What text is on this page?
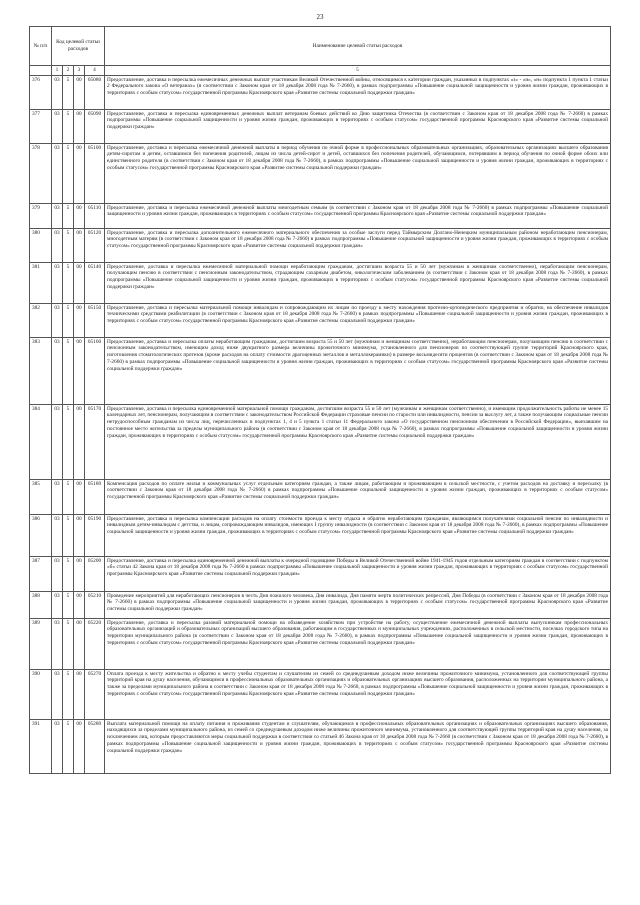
23
№ п/п	Код целевой статьи расходов				Наименование целевой статьи расходов
	1	2	3	4	5
376	03	5	00	05080	Предоставление, доставка и пересылка ежемесячных денежных выплат участникам Великой Отечественной войны, относящимся к категории граждан, указанных в подпунктах «з» - «и», «н» подпункта 1 пункта 1 статьи 2 Федерального закона «О ветеранах» (в соответствии с Законом края от 18 декабря 2008 года № 7-2660), в рамках подпрограммы «Повышение социальной защищенности и уровня жизни граждан, проживающих в территориях с особым статусом» государственной программы Красноярского края «Развитие системы социальной поддержки граждан»
377	03	5	00	05090	Предоставление, доставка и пересылка единовременных денежных выплат ветеранам боевых действий ко Дню защитника Отечества (в соответствии с Законом края от 18 декабря 2008 года № 7-2660) в рамках подпрограммы «Повышение социальной защищенности и уровня жизни граждан, проживающих в территориях с особым статусом» государственной программы Красноярского края «Развитие системы социальной поддержки граждан»
378	03	5	00	05100	Предоставление, доставка и пересылка ежемесячной денежной выплаты в период обучения по очной форме в профессиональных образовательных организациях, образовательных организациях высшего образования детям-сиротам и детям, оставшимся без попечения родителей, лицам из числа детей-сирот и детей, оставшихся без попечения родителей, обучающимся, потерявшим в период обучения по очной форме обоих или единственного родителя (в соответствии с Законом края от 18 декабря 2008 года № 7-2660), в рамках подпрограммы «Повышение социальной защищенности и уровня жизни граждан, проживающих в территориях с особым статусом» государственной программы Красноярского края «Развитие системы социальной поддержки граждан»
379	03	5	00	05110	Предоставление, доставка и пересылка ежемесячной денежной выплаты многодетным семьям (в соответствии с Законом края от 18 декабря 2008 года № 7-2660) в рамках подпрограммы «Повышение социальной защищенности и уровня жизни граждан, проживающих в территориях с особым статусом» государственной программы Красноярского края «Развитие системы социальной поддержки граждан»
380	03	5	00	05120	Предоставление, доставка и пересылка дополнительного ежемесячного материального обеспечения за особые заслуги перед Таймырским Долгано-Ненецким муниципальным районом неработающим пенсионерам, многодетным матерям (в соответствии с Законом края от 18 декабря 2008 года № 7-2660) в рамках подпрограммы «Повышение социальной защищенности и уровня жизни граждан, проживающих в территориях с особым статусом» государственной программы Красноярского края «Развитие системы социальной поддержки граждан»
381	03	5	00	05140	Предоставление, доставка и пересылка ежемесячной материальной помощи неработающим гражданам, достигшим возраста 55 и 50 лет (мужчинам и женщинам соответственно), неработающим пенсионерам, получающим пенсию в соответствии с пенсионным законодательством, страдающим сахарным диабетом, онкологическим заболеванием (в соответствии с Законом края от 18 декабря 2008 года № 7-2660), в рамках подпрограммы «Повышение социальной защищенности и уровня жизни граждан, проживающих в территориях с особым статусом» государственной программы Красноярского края «Развитие системы социальной поддержки граждан»
382	03	5	00	05150	Предоставление, доставка и пересылка материальной помощи инвалидам и сопровождающим их лицам по проезду к месту нахождения протезно-ортопедического предприятия и обратно, на обеспечение инвалидов техническими средствами реабилитации (в соответствии с Законом края от 18 декабря 2008 года № 7-2660) в рамках подпрограммы «Повышение социальной защищенности и уровня жизни граждан, проживающих в территориях с особым статусом» государственной программы Красноярского края «Развитие системы социальной поддержки граждан»
383	03	5	00	05160	Предоставление, доставка и пересылка оплаты неработающим гражданам, достигшим возраста 55 и 50 лет (мужчинам и женщинам соответственно), неработающим пенсионерам, получающим пенсию в соответствии с пенсионным законодательством, имеющим доход ниже двукратного размера величины прожиточного минимума, установленного для пенсионеров по соответствующей группе территорий Красноярского края, изготовления стоматологических протезов (кроме расходов на оплату стоимости драгоценных металлов и металлокерамики) в размере восьмидесяти процентов (в соответствии с Законом края от 18 декабря 2008 года № 7-2660) в рамках подпрограммы «Повышение социальной защищенности и уровня жизни граждан, проживающих в территориях с особым статусом» государственной программы Красноярского края «Развитие системы социальной поддержки граждан»
384	03	5	00	05170	Предоставление, доставка и пересылка единовременной материальной помощи гражданам, достигшим возраста 55 и 50 лет (мужчинам и женщинам соответственно), и имеющим продолжительность работы не менее 15 календарных лет, пенсионерам, получающим в соответствии с законодательством Российской Федерации страховые пенсии по старости или инвалидности, пенсии за выслугу лет, а также получающим социальные пенсии нетрудоспособным гражданам из числа лиц, перечисленных в подпунктах 1, 4 и 5 пункта 1 статьи 11 Федерального закона «О государственном пенсионном обеспечении в Российской Федерации», выехавшим на постоянное место жительства за пределы муниципального района (в соответствии с Законом края от 18 декабря 2008 года № 7-2660), в рамках подпрограммы «Повышение социальной защищенности и уровня жизни граждан, проживающих в территориях с особым статусом» государственной программы Красноярского края «Развитие системы социальной поддержки граждан»
385	03	5	00	05180	Компенсация расходов по оплате жилья и коммунальных услуг отдельным категориям граждан, а также лицам, работающим и проживающим в сельской местности, с учетом расходов на доставку и пересылку (в соответствии с Законом края от 18 декабря 2008 года № 7-2660) в рамках подпрограммы «Повышение социальной защищенности и уровня жизни граждан, проживающих в территориях с особым статусом» государственной программы Красноярского края «Развитие системы социальной поддержки граждан»
386	03	5	00	05190	Предоставление, доставка и пересылка компенсации расходов на оплату стоимости проезда к месту отдыха и обратно неработающим гражданам, являющимся получателями социальной пенсии по инвалидности и инвалидным детям-инвалидам с детства, и лицам, сопровождающим инвалидов, имеющих I группу инвалидности (в соответствии с Законом края от 18 декабря 2008 года № 7-2660), в рамках подпрограммы «Повышение социальной защищенности и уровня жизни граждан, проживающих в территориях с особым статусом» государственной программы Красноярского края «Развитие системы социальной поддержки граждан»
387	03	5	00	05200	Предоставление, доставка и пересылка единовременной денежной выплаты к очередной годовщине Победы в Великой Отечественной войне 1941-1945 годов отдельным категориям граждан в соответствии с подпунктом «б» статьи 42 Закона края от 18 декабря 2008 года № 7-2660 в рамках подпрограммы «Повышение социальной защищенности и уровня жизни граждан, проживающих в территориях с особым статусом» государственной программы Красноярского края «Развитие системы социальной поддержки граждан»
388	03	5	00	05210	Проведение мероприятий для неработающих пенсионеров в честь Дня пожилого человека, Дня инвалида, Дня памяти жертв политических репрессий, Дня Победы (в соответствии с Законом края от 18 декабря 2008 года № 7-2660) в рамках подпрограммы «Повышение социальной защищенности и уровня жизни граждан, проживающих в территориях с особым статусом» государственной программы Красноярского края «Развитие системы социальной поддержки граждан»
389	03	5	00	05220	Предоставление, доставка и пересылка разовой материальной помощи на обзаведение хозяйством при устройстве на работу, осуществление ежемесячной денежной выплаты выпускникам профессиональных образовательных организаций и образовательных организаций высшего образования, работающим в государственных и муниципальных учреждениях, расположенных в сельской местности, поселках городского типа на территории муниципального района (в соответствии с Законом края от 18 декабря 2008 года № 7-2660), в рамках подпрограммы «Повышение социальной защищенности и уровня жизни граждан, проживающих в территориях с особым статусом» государственной программы Красноярского края «Развитие системы социальной поддержки граждан»
390	03	5	00	05270	Оплата проезда к месту жительства и обратно к месту учебы студентам и слушателям из семей со среднедушевым доходом ниже величины прожиточного минимума, установленного для соответствующей группы территорий края на душу населения, обучающимся в профессиональных образовательных организациях и образовательных организациях высшего образования, расположенных на территории муниципального района, а также за пределами муниципального района в соответствии с Законом края от 18 декабря 2008 года № 7-2660, в рамках подпрограммы «Повышение социальной защищенности и уровня жизни граждан, проживающих в территориях с особым статусом» государственной программы Красноярского края «Развитие системы социальной поддержки граждан»
391	03	5	00	05280	Выплата материальной помощи на оплату питания и проживания студентам и слушателям, обучающимся в профессиональных образовательных организациях и образовательных организациях высшего образования, находящихся за пределами муниципального района, из семей со среднедушевым доходом ниже величины прожиточного минимума, установленного для соответствующей группы территорий края на душу населения, за исключением лиц, которым предоставляются меры социальной поддержки в соответствии со статьей 46 Закона края от 18 декабря 2008 года № 7-2660 (в соответствии с Законом края от 18 декабря 2008 года № 7-2660), в рамках подпрограммы «Повышение социальной защищенности и уровня жизни граждан, проживающих в территориях с особым статусом» государственной программы Красноярского края «Развитие системы социальной поддержки граждан»
